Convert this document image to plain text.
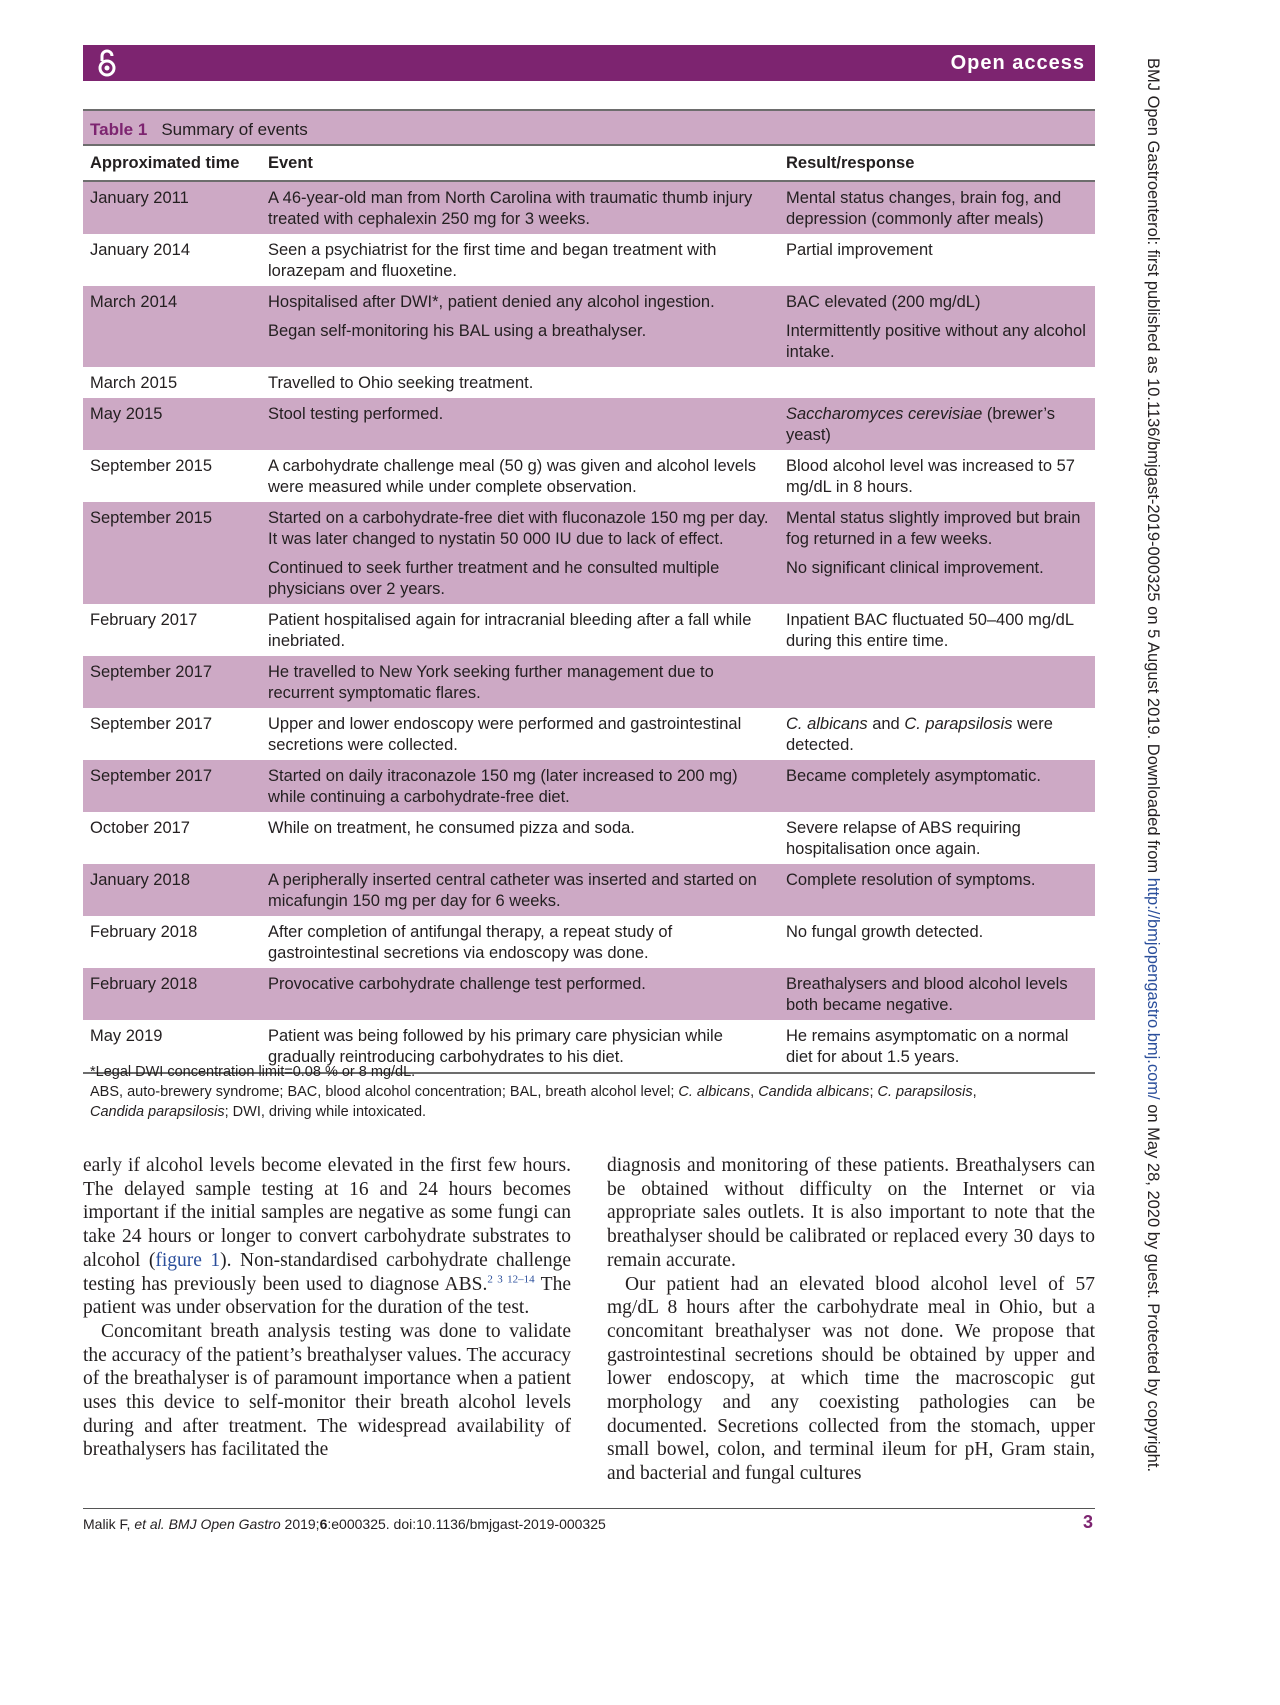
Open access
Table 1 Summary of events
Approximated time	Event	Result/response
January 2011	A 46-year-old man from North Carolina with traumatic thumb injury treated with cephalexin 250 mg for 3 weeks.	Mental status changes, brain fog, and depression (commonly after meals)
January 2014	Seen a psychiatrist for the first time and began treatment with lorazepam and fluoxetine.	Partial improvement
March 2014	Hospitalised after DWI*, patient denied any alcohol ingestion.	BAC elevated (200 mg/dL)
	Began self-monitoring his BAL using a breathalyser.	Intermittently positive without any alcohol intake.
March 2015	Travelled to Ohio seeking treatment.	
May 2015	Stool testing performed.	Saccharomyces cerevisiae (brewer’s yeast)
September 2015	A carbohydrate challenge meal (50 g) was given and alcohol levels were measured while under complete observation.	Blood alcohol level was increased to 57 mg/dL in 8 hours.
September 2015	Started on a carbohydrate-free diet with fluconazole 150 mg per day. It was later changed to nystatin 50 000 IU due to lack of effect.	Mental status slightly improved but brain fog returned in a few weeks.
	Continued to seek further treatment and he consulted multiple physicians over 2 years.	No significant clinical improvement.
February 2017	Patient hospitalised again for intracranial bleeding after a fall while inebriated.	Inpatient BAC fluctuated 50–400 mg/dL during this entire time.
September 2017	He travelled to New York seeking further management due to recurrent symptomatic flares.	
September 2017	Upper and lower endoscopy were performed and gastrointestinal secretions were collected.	C. albicans and C. parapsilosis were detected.
September 2017	Started on daily itraconazole 150 mg (later increased to 200 mg) while continuing a carbohydrate-free diet.	Became completely asymptomatic.
October 2017	While on treatment, he consumed pizza and soda.	Severe relapse of ABS requiring hospitalisation once again.
January 2018	A peripherally inserted central catheter was inserted and started on micafungin 150 mg per day for 6 weeks.	Complete resolution of symptoms.
February 2018	After completion of antifungal therapy, a repeat study of gastrointestinal secretions via endoscopy was done.	No fungal growth detected.
February 2018	Provocative carbohydrate challenge test performed.	Breathalysers and blood alcohol levels both became negative.
May 2019	Patient was being followed by his primary care physician while gradually reintroducing carbohydrates to his diet.	He remains asymptomatic on a normal diet for about 1.5 years.
*Legal DWI concentration limit=0.08 % or 8 mg/dL.
ABS, auto-brewery syndrome; BAC, blood alcohol concentration; BAL, breath alcohol level; C. albicans, Candida albicans; C. parapsilosis,
Candida parapsilosis; DWI, driving while intoxicated.

early if alcohol levels become elevated in the first few hours. The delayed sample testing at 16 and 24 hours becomes important if the initial samples are negative as some fungi can take 24 hours or longer to convert carbohydrate substrates to alcohol (figure 1). Non-standardised carbohydrate challenge testing has previously been used to diagnose ABS.$^{2 3 12-14}$ The patient was under observation for the duration of the test.

Concomitant breath analysis testing was done to validate the accuracy of the patient’s breathalyser values. The accuracy of the breathalyser is of paramount importance when a patient uses this device to self-monitor their breath alcohol levels during and after treatment. The widespread availability of breathalysers has facilitated the

diagnosis and monitoring of these patients. Breathalysers can be obtained without difficulty on the Internet or via appropriate sales outlets. It is also important to note that the breathalyser should be calibrated or replaced every 30 days to remain accurate.

Our patient had an elevated blood alcohol level of 57 mg/dL 8 hours after the carbohydrate meal in Ohio, but a concomitant breathalyser was not done. We propose that gastrointestinal secretions should be obtained by upper and lower endoscopy, at which time the macroscopic gut morphology and any coexisting pathologies can be documented. Secretions collected from the stomach, upper small bowel, colon, and terminal ileum for pH, Gram stain, and bacterial and fungal cultures

Malik F, et al. BMJ Open Gastro 2019;6:e000325. doi:10.1136/bmjgast-2019-000325	3
BMJ Open Gastroenterol: first published as 10.1136/bmjgast-2019-000325 on 5 August 2019. Downloaded from http://bmjopengastro.bmj.com/ on May 28, 2020 by guest. Protected by copyright.
